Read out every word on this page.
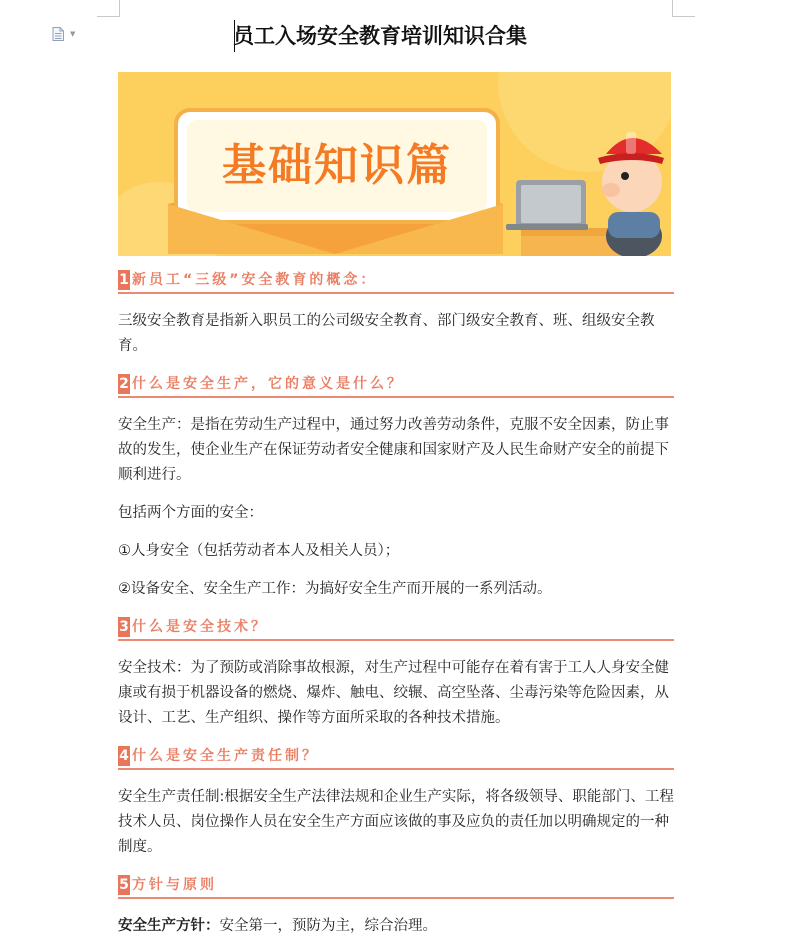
▼	员工入场安全教育培训知识合集
基础知识篇
1 新员工“三级”安全教育的概念：

三级安全教育是指新入职员工的公司级安全教育、部门级安全教育、班、组级安全教育。

2 什么是安全生产，它的意义是什么？

安全生产：是指在劳动生产过程中，通过努力改善劳动条件，克服不安全因素，防止事故的发生，使企业生产在保证劳动者安全健康和国家财产及人民生命财产安全的前提下顺利进行。

包括两个方面的安全：

①人身安全（包括劳动者本人及相关人员）；

②设备安全、安全生产工作：为搞好安全生产而开展的一系列活动。

3 什么是安全技术？

安全技术：为了预防或消除事故根源，对生产过程中可能存在着有害于工人人身安全健康或有损于机器设备的燃烧、爆炸、触电、绞辗、高空坠落、尘毒污染等危险因素，从设计、工艺、生产组织、操作等方面所采取的各种技术措施。

4 什么是安全生产责任制？

安全生产责任制:根据安全生产法律法规和企业生产实际，将各级领导、职能部门、工程技术人员、岗位操作人员在安全生产方面应该做的事及应负的责任加以明确规定的一种制度。

5 方针与原则

安全生产方针：安全第一，预防为主，综合治理。
